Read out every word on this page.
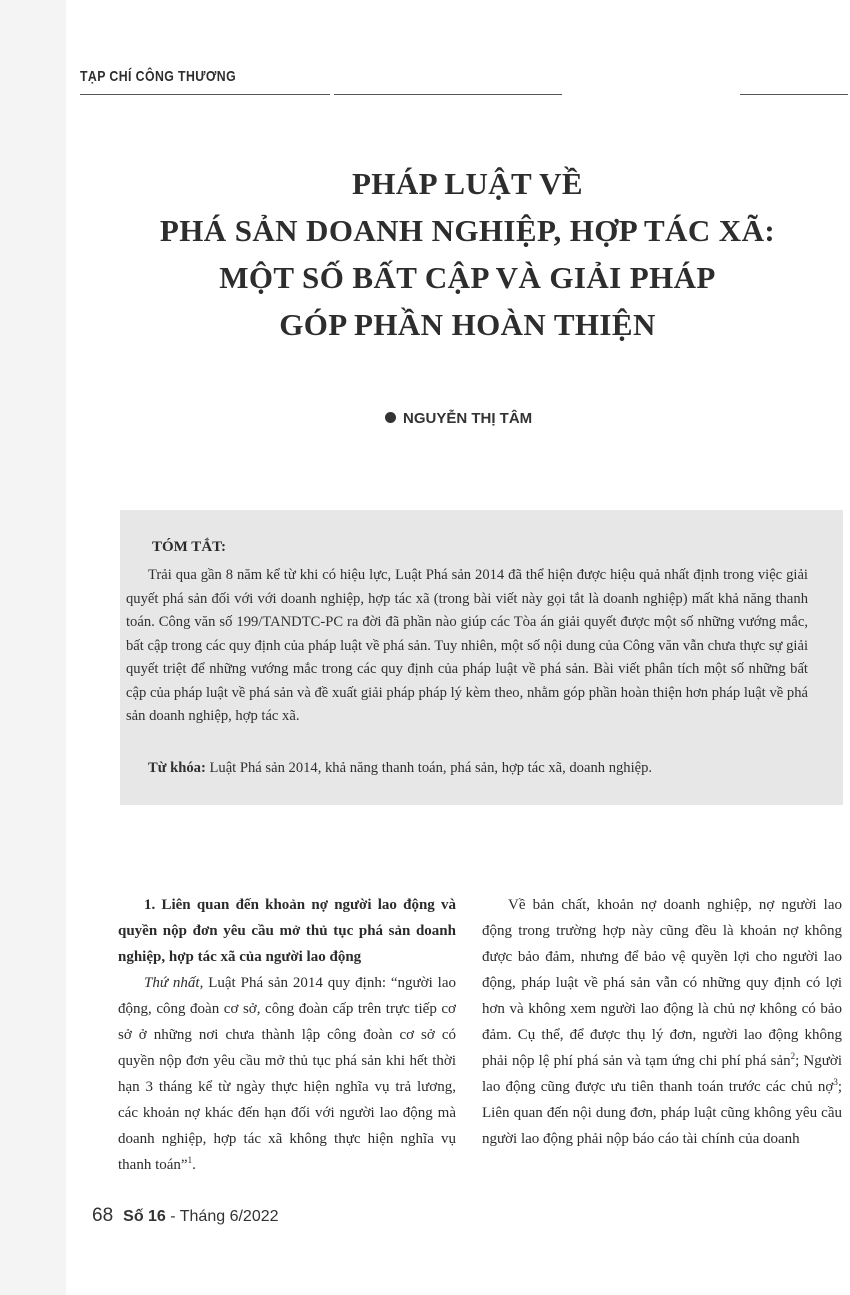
TẠP CHÍ CÔNG THƯƠNG
PHÁP LUẬT VỀ
PHÁ SẢN DOANH NGHIỆP, HỢP TÁC XÃ:
MỘT SỐ BẤT CẬP VÀ GIẢI PHÁP
GÓP PHẦN HOÀN THIỆN
NGUYỄN THỊ TÂM
TÓM TẮT:

Trải qua gần 8 năm kể từ khi có hiệu lực, Luật Phá sản 2014 đã thể hiện được hiệu quả nhất định trong việc giải quyết phá sản đối với với doanh nghiệp, hợp tác xã (trong bài viết này gọi tắt là doanh nghiệp) mất khả năng thanh toán. Công văn số 199/TANDTC-PC ra đời đã phần nào giúp các Tòa án giải quyết được một số những vướng mắc, bất cập trong các quy định của pháp luật về phá sản. Tuy nhiên, một số nội dung của Công văn vẫn chưa thực sự giải quyết triệt để những vướng mắc trong các quy định của pháp luật về phá sản. Bài viết phân tích một số những bất cập của pháp luật về phá sản và đề xuất giải pháp pháp lý kèm theo, nhằm góp phần hoàn thiện hơn pháp luật về phá sản doanh nghiệp, hợp tác xã.

Từ khóa: Luật Phá sản 2014, khả năng thanh toán, phá sản, hợp tác xã, doanh nghiệp.

1. Liên quan đến khoản nợ người lao động và quyền nộp đơn yêu cầu mở thủ tục phá sản doanh nghiệp, hợp tác xã của người lao động

Thứ nhất, Luật Phá sản 2014 quy định: “người lao động, công đoàn cơ sở, công đoàn cấp trên trực tiếp cơ sở ở những nơi chưa thành lập công đoàn cơ sở có quyền nộp đơn yêu cầu mở thủ tục phá sản khi hết thời hạn 3 tháng kể từ ngày thực hiện nghĩa vụ trả lương, các khoản nợ khác đến hạn đối với người lao động mà doanh nghiệp, hợp tác xã không thực hiện nghĩa vụ thanh toán”$^1$.

Về bản chất, khoản nợ doanh nghiệp, nợ người lao động trong trường hợp này cũng đều là khoản nợ không được bảo đảm, nhưng để bảo vệ quyền lợi cho người lao động, pháp luật về phá sản vẫn có những quy định có lợi hơn và không xem người lao động là chủ nợ không có bảo đảm. Cụ thể, để được thụ lý đơn, người lao động không phải nộp lệ phí phá sản và tạm ứng chi phí phá sản$^2$; Người lao động cũng được ưu tiên thanh toán trước các chủ nợ$^3$; Liên quan đến nội dung đơn, pháp luật cũng không yêu cầu người lao động phải nộp báo cáo tài chính của doanh

68 Số 16 - Tháng 6/2022
